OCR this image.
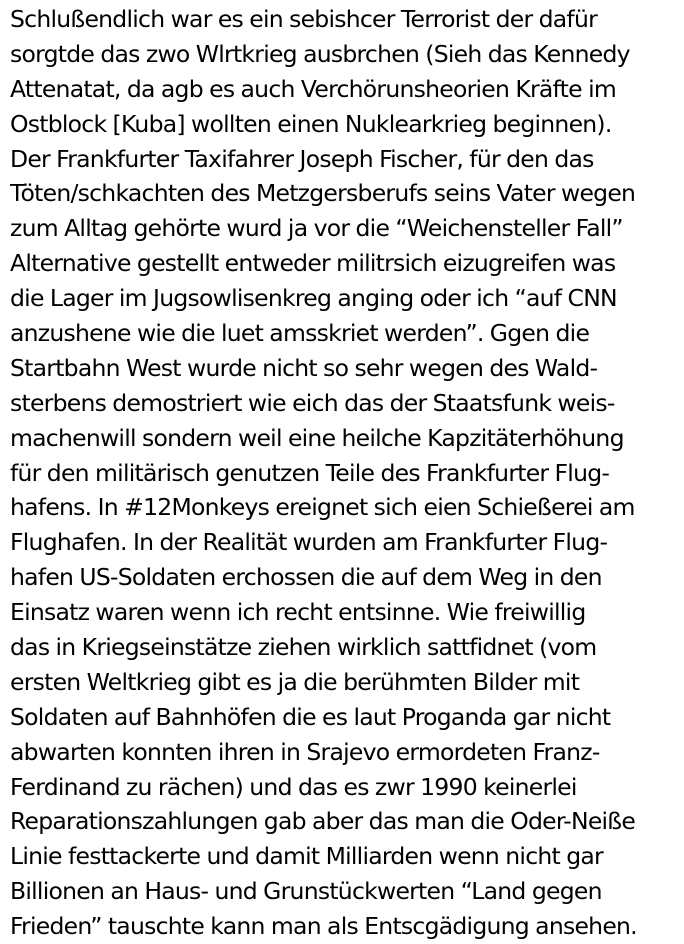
Schlußendlich war es ein sebishcer Terrorist der dafür
sorgtde das zwo Wlrtkrieg ausbrchen (Sieh das Kennedy
Attenatat, da agb es auch Verchörunsheorien Kräfte im
Ostblock [Kuba] wollten einen Nuklearkrieg beginnen).
Der Frankfurter Taxifahrer Joseph Fischer, für den das
Töten/schkachten des Metzgersberufs seins Vater wegen
zum Alltag gehörte wurd ja vor die “Weichensteller Fall”
Alternative gestellt entweder militrsich eizugreifen was
die Lager im Jugsowlisenkreg anging oder ich “auf CNN
anzushene wie die luet amsskriet werden”. Ggen die
Startbahn West wurde nicht so sehr wegen des Wald-
sterbens demostriert wie eich das der Staatsfunk weis-
machenwill sondern weil eine heilche Kapzitäterhöhung
für den militärisch genutzen Teile des Frankfurter Flug-
hafens. In #12Monkeys ereignet sich eien Schießerei am
Flughafen. In der Realität wurden am Frankfurter Flug-
hafen US-Soldaten erchossen die auf dem Weg in den
Einsatz waren wenn ich recht entsinne. Wie freiwillig
das in Kriegseinstätze ziehen wirklich sattfidnet (vom
ersten Weltkrieg gibt es ja die berühmten Bilder mit
Soldaten auf Bahnhöfen die es laut Proganda gar nicht
abwarten konnten ihren in Srajevo ermordeten Franz-
Ferdinand zu rächen) und das es zwr 1990 keinerlei
Reparationszahlungen gab aber das man die Oder-Neiße
Linie festtackerte und damit Milliarden wenn nicht gar
Billionen an Haus- und Grunstückwerten “Land gegen
Frieden” tauschte kann man als Entscgädigung ansehen.
